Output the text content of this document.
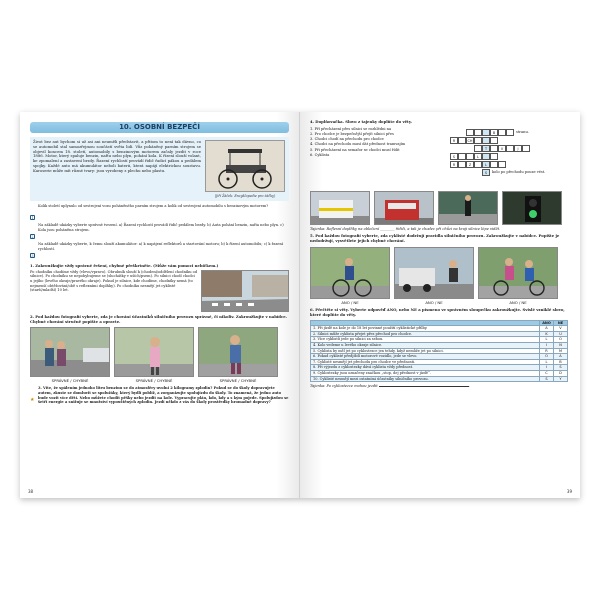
10. OSOBNÍ BEZPEČÍ
Život bez aut bychom si už asi ani neuměli představit, a přitom to není tak dávno, co se automobil stal samozřejmou součástí světa lidí. Vůz poháněný parním strojem se objevil koncem 18. století, automobily s benzinovým motorem začaly jezdit v roce 1886. Motor, který spaluje benzin, naftu nebo plyn, pohání kola. K řízení slouží volant, ke zpomalení a zastavení brzdy. Řazení rychlostí provádí řidič řadicí pákou a pedálem spojky. Každé auto má akumulátor neboli baterii, která napájí elektrickou soustavu. Karoserie může mít různé tvary: jsou vyrobeny z plechu nebo plastu.
(Jiří Žáček: Encyklopedie pro žáčky)
1
Kolik století uplynulo od sestrojení vozu poháněného parním strojem a kolik od sestrojení automobilu s benzinovým motorem?
2
Na základě ukázky vyberte správné tvrzení. a) Řazení rychlostí provádí řidič pedálem brzdy. b) Auta pohání benzin, nafta nebo plyn. c) Kola jsou poháněna strojem.
3
Na základě ukázky vyberte, k čemu slouží akumulátor: a) k napájení reflektorů a startování motoru; b) k řízení automobilu; c) k řazení rychlostí.
1. Zakroužkujte vždy správné řešení, chybné přeškrtněte. (Může vám pomoci nebíčkem.)
Po chodníku chodíme vždy (vlevo/vpravo). Obrubník slouží k (chodení/oddělení chodníku od silnice). Po chodníku se nepohybujeme se (sluchátky v uších/psem). Po silnici chodí chodci u jejího (levého okraje/pravého okraje). Pokud je silnice, kde chodíme, chodníky nemá (to nejmenší obtěžování/obě s reflexními doplňky). Po chodníku nesmějí jet cyklisté (starší/mladší) 10 let.
2. Pod každou fotografií vyberte, zda je chování účastníků silničního provozu správné, či nikoliv. Zakroužkujte v nabídce. Chybné chování stručně popište a opravte.
SPRÁVNÉ / CHYBNÉ	SPRÁVNÉ / CHYBNÉ	SPRÁVNÉ / CHYBNÉ
★
3. Víte, že spálením jednoho litru benzinu se do atmosféry uvolní 2 kilogramy zplodin? Pokud se do školy dopravujete autem, zkuste se domluvit se spolužáky, který bydlí poblíž, a zorganizujte spolujízdu do školy. To znamená, že jedno auto bude vozit více dětí. Nebo můžete chodit pěšky nebo jezdit na kole. Vypracujte plán, kdo, kdy a s kým pojede. Spolujízdou se šetří energie a snižuje se množství vypouštěných zplodin. Jezdí někdo z vás do školy prostředky hromadné dopravy?
38
4. Doplňovačka. Slovo z tajenky doplňte do věty.
1. Pří přecházení přes silnici se rozhlédni na
2. Pro chodce je bezpečnější přejít silnici přes
3. Chodci chodí na přechodu pro chodce
4. Chodci na přechodu musí dát přednost tramvajím
5. Při přecházení na semafor se chodci musí řídit
6. Cyklista
B	stranu.
R	CH
T	V	J
S	L
R	Z	L
S	kolo po přechodu pouze vést.
Tajenka: Reflexní doplňky na oblečení ________ řidiči, a tak je chodec při chůzi na kraji silnice lépe vidět.
5. Pod každou fotografií vyberte, zda cyklisté dodržují pravidla silničního provozu. Zakroužkujte v nabídce. Popište je nedodržují, vysvětlete jejich chybné chování.
ANO / NE	ANO / NE	ANO / NE
6. Přečtěte si věty. Vyberte odpověď ANO, nebo NE a písmeno ve správném sloupečku zakroužkujte. Svislé vzniklé slovo, které doplňte do věty.
	ANO	NE
1. Při jízdě na kole je do 18 let povinné použití cyklistické přilby.	A	V
2. Silnici může cyklista přejet přes přechod pro chodce.	K	U
3. Více cyklistů jede po silnici za sebou.	L	O
4. Kolo vedeme u levého okraje silnice.	I	N
5. Cyklista by měl jet po cyklostezce jen tehdy, když nemůže jet po silnici.	R	M
6. Pokud cyklisté předjíždí motorové vozidlo, jede se vlevo.	O	A
7. Cyklisté nesmějí jet přechodu pro chodce ve přednosti.	L	B
8. Při výjezdu z cyklostezky dává cyklista vždy přednost.	I	S
9. Cyklostezky jsou označeny značkou „stop, dej přednost v jízdě“.	C	D
10. Cyklisté nesmějí mezi ostatními účastníky silničního provozu.	S	Y
Tajenka: Po cyklostezce mohou jezdit	.
39
